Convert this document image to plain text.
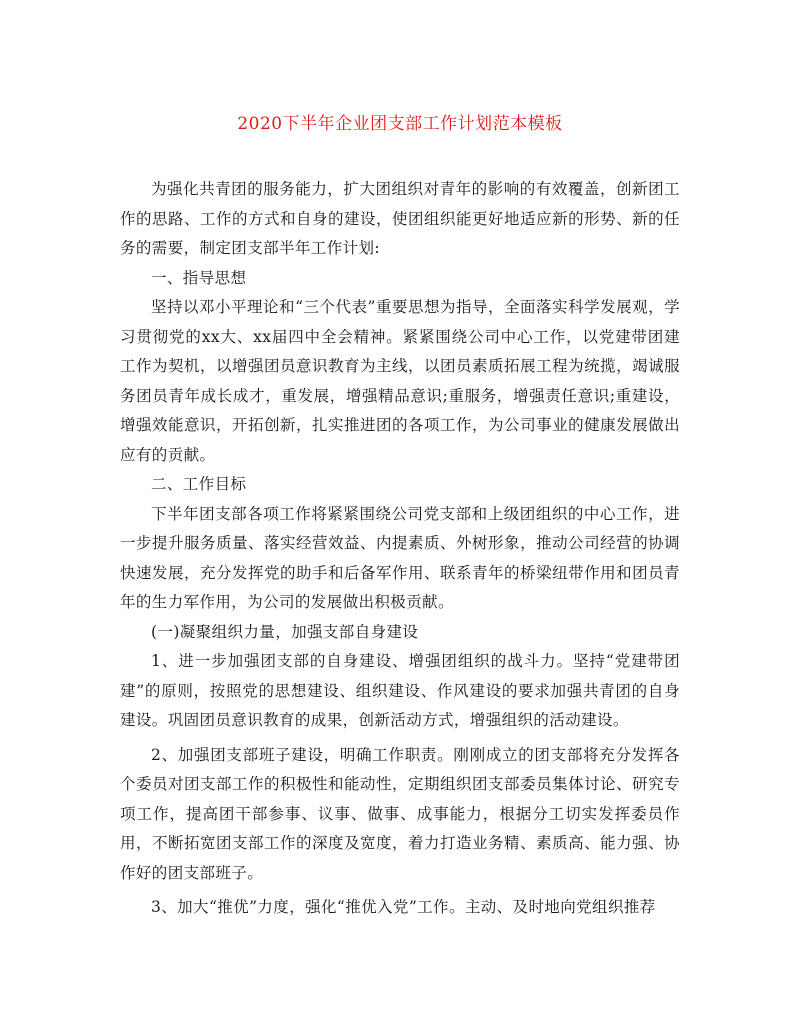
2020下半年企业团支部工作计划范本模板

为强化共青团的服务能力，扩大团组织对青年的影响的有效覆盖，创新团工作的思路、工作的方式和自身的建设，使团组织能更好地适应新的形势、新的任务的需要，制定团支部半年工作计划:

一、指导思想

坚持以邓小平理论和“三个代表”重要思想为指导，全面落实科学发展观，学习贯彻党的xx大、xx届四中全会精神。紧紧围绕公司中心工作，以党建带团建工作为契机，以增强团员意识教育为主线，以团员素质拓展工程为统揽，竭诚服务团员青年成长成才，重发展，增强精品意识;重服务，增强责任意识;重建设，增强效能意识，开拓创新，扎实推进团的各项工作，为公司事业的健康发展做出应有的贡献。

二、工作目标

下半年团支部各项工作将紧紧围绕公司党支部和上级团组织的中心工作，进一步提升服务质量、落实经营效益、内提素质、外树形象，推动公司经营的协调快速发展，充分发挥党的助手和后备军作用、联系青年的桥梁纽带作用和团员青年的生力军作用，为公司的发展做出积极贡献。

(一)凝聚组织力量，加强支部自身建设

1、进一步加强团支部的自身建设、增强团组织的战斗力。坚持“党建带团建”的原则，按照党的思想建设、组织建设、作风建设的要求加强共青团的自身建设。巩固团员意识教育的成果，创新活动方式，增强组织的活动建设。

2、加强团支部班子建设，明确工作职责。刚刚成立的团支部将充分发挥各个委员对团支部工作的积极性和能动性，定期组织团支部委员集体讨论、研究专项工作，提高团干部参事、议事、做事、成事能力，根据分工切实发挥委员作用，不断拓宽团支部工作的深度及宽度，着力打造业务精、素质高、能力强、协作好的团支部班子。

3、加大“推优”力度，强化“推优入党”工作。主动、及时地向党组织推荐
